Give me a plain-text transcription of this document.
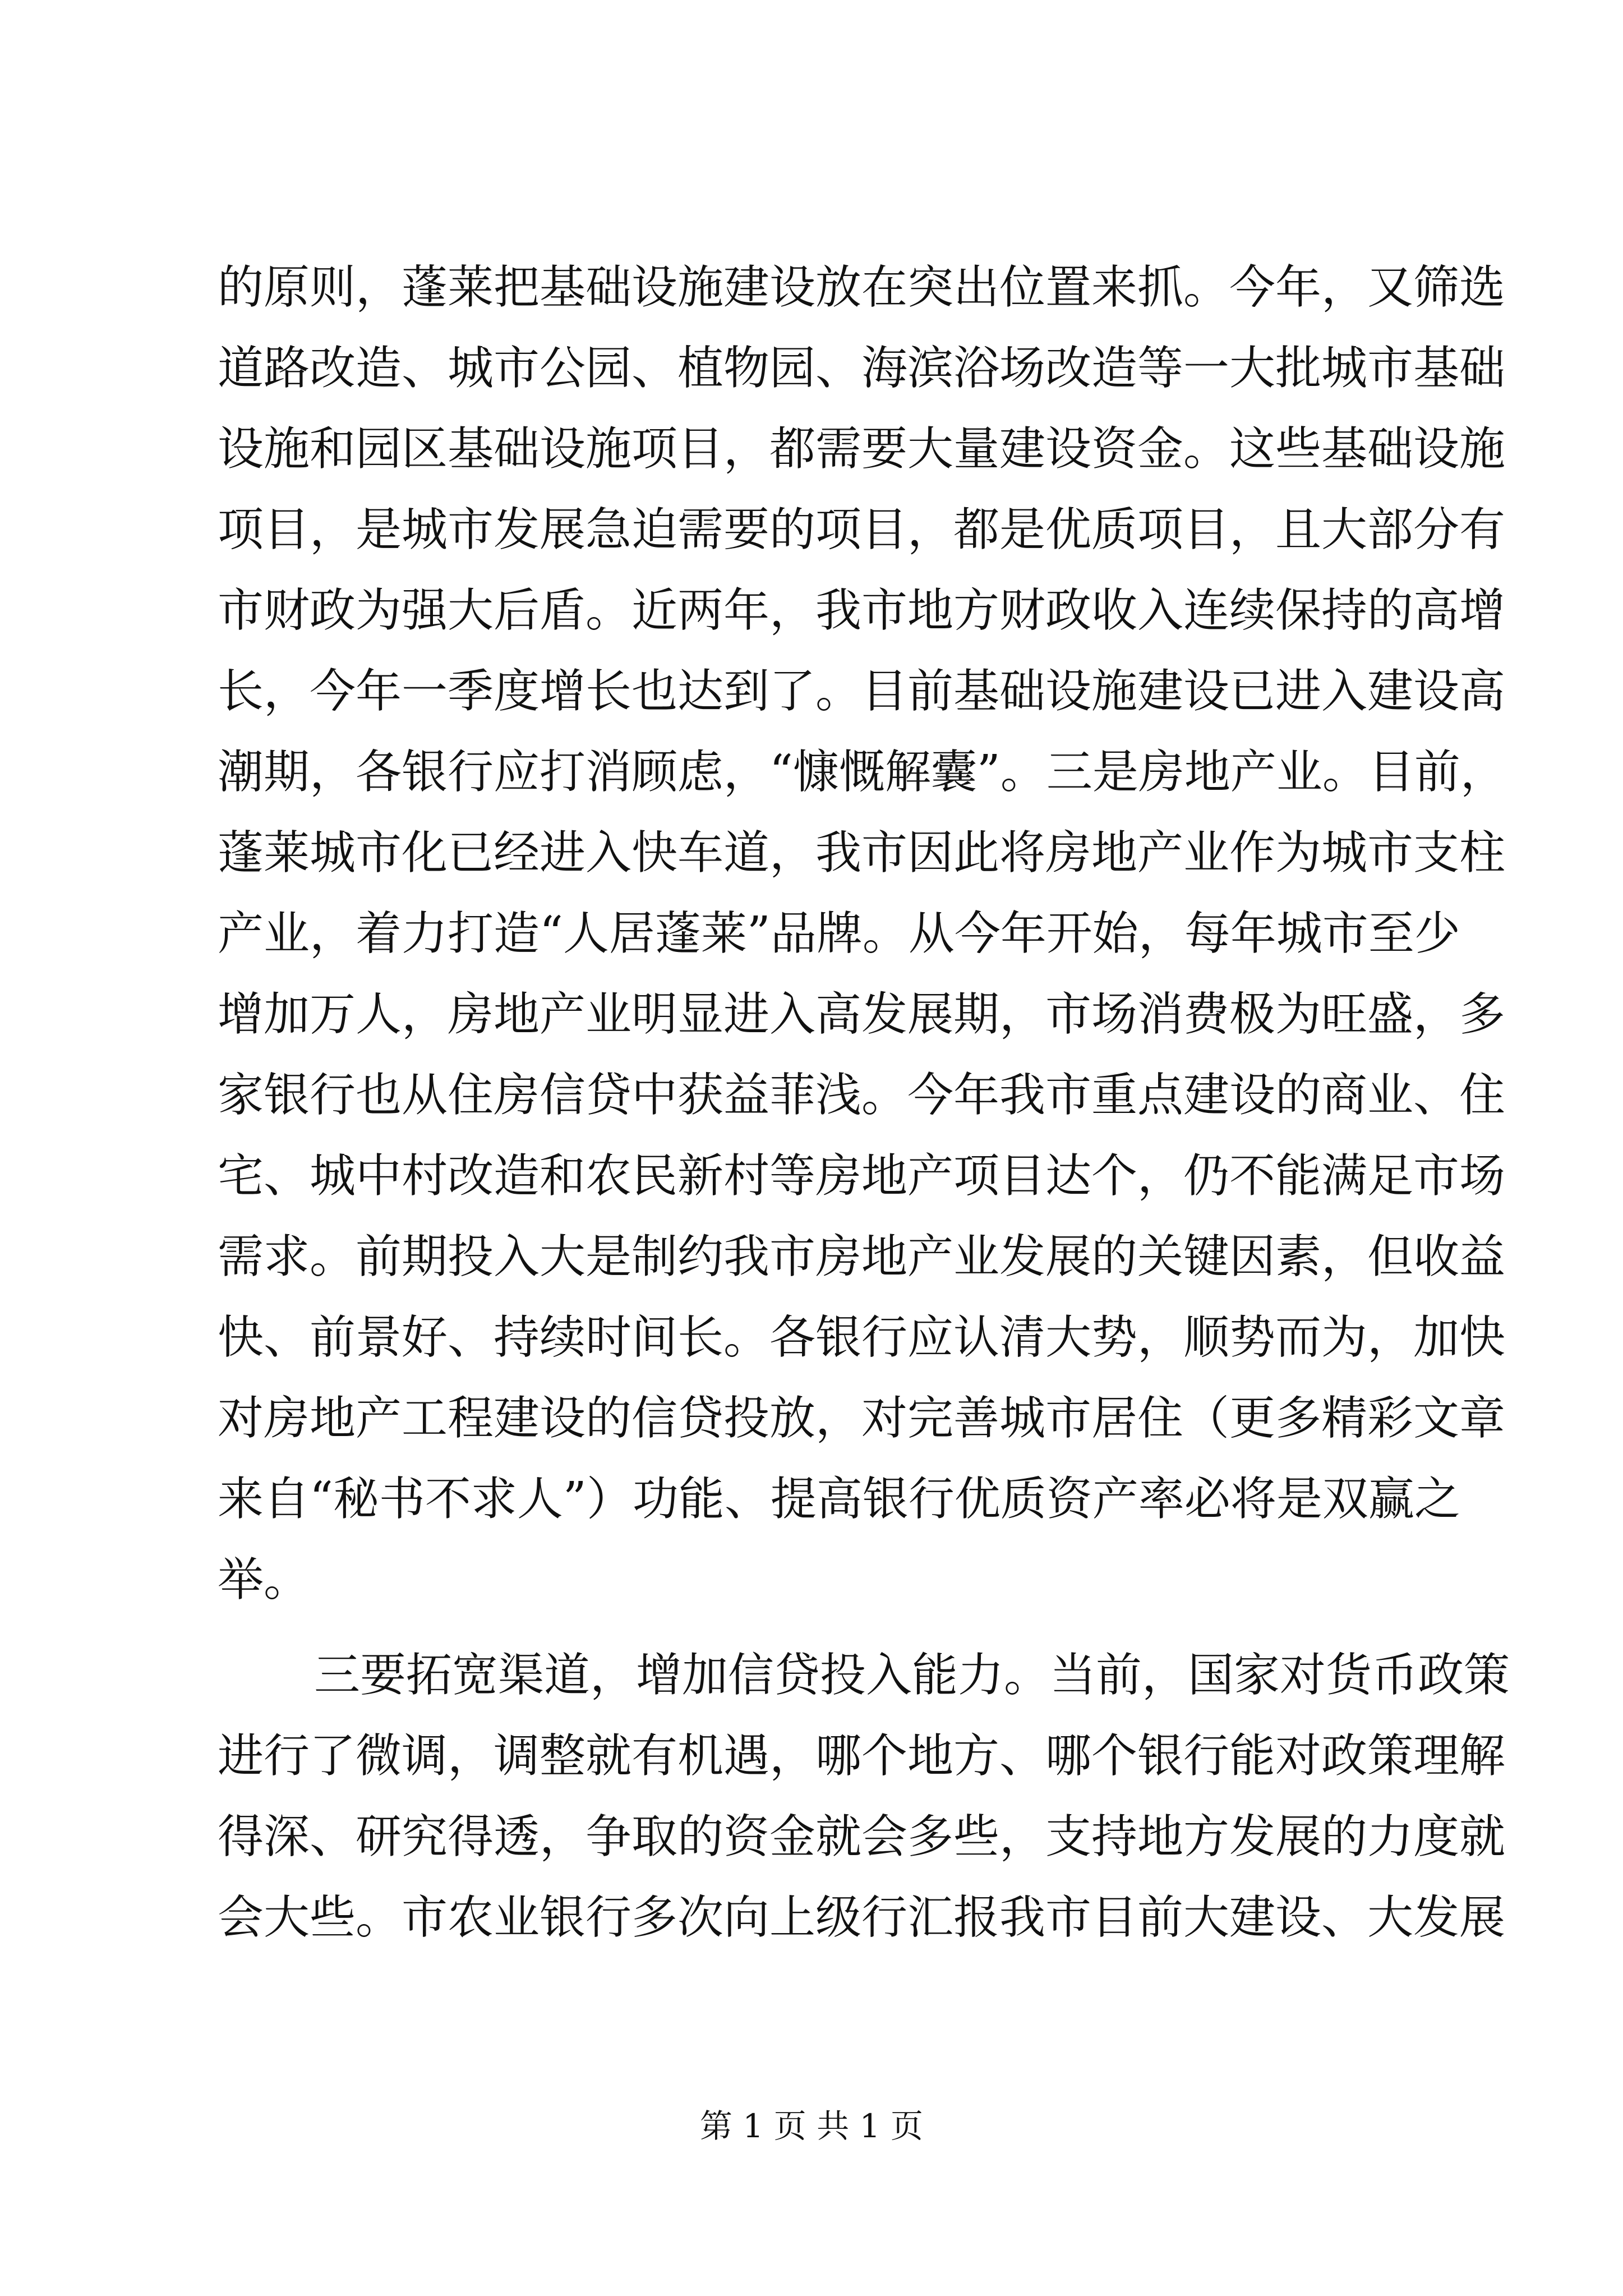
的原则，蓬莱把基础设施建设放在突出位置来抓。今年，又筛选
道路改造、城市公园、植物园、海滨浴场改造等一大批城市基础
设施和园区基础设施项目，都需要大量建设资金。这些基础设施
项目，是城市发展急迫需要的项目，都是优质项目，且大部分有
市财政为强大后盾。近两年，我市地方财政收入连续保持的高增
长，今年一季度增长也达到了。目前基础设施建设已进入建设高
潮期，各银行应打消顾虑，“慷慨解囊”。三是房地产业。目前，
蓬莱城市化已经进入快车道，我市因此将房地产业作为城市支柱
产业，着力打造“人居蓬莱”品牌。从今年开始，每年城市至少
增加万人，房地产业明显进入高发展期，市场消费极为旺盛，多
家银行也从住房信贷中获益菲浅。今年我市重点建设的商业、住
宅、城中村改造和农民新村等房地产项目达个，仍不能满足市场
需求。前期投入大是制约我市房地产业发展的关键因素，但收益
快、前景好、持续时间长。各银行应认清大势，顺势而为，加快
对房地产工程建设的信贷投放，对完善城市居住（更多精彩文章
来自“秘书不求人”）功能、提高银行优质资产率必将是双赢之
举。
三要拓宽渠道，增加信贷投入能力。当前，国家对货币政策
进行了微调，调整就有机遇，哪个地方、哪个银行能对政策理解
得深、研究得透，争取的资金就会多些，支持地方发展的力度就
会大些。市农业银行多次向上级行汇报我市目前大建设、大发展
第 1 页 共 1 页
